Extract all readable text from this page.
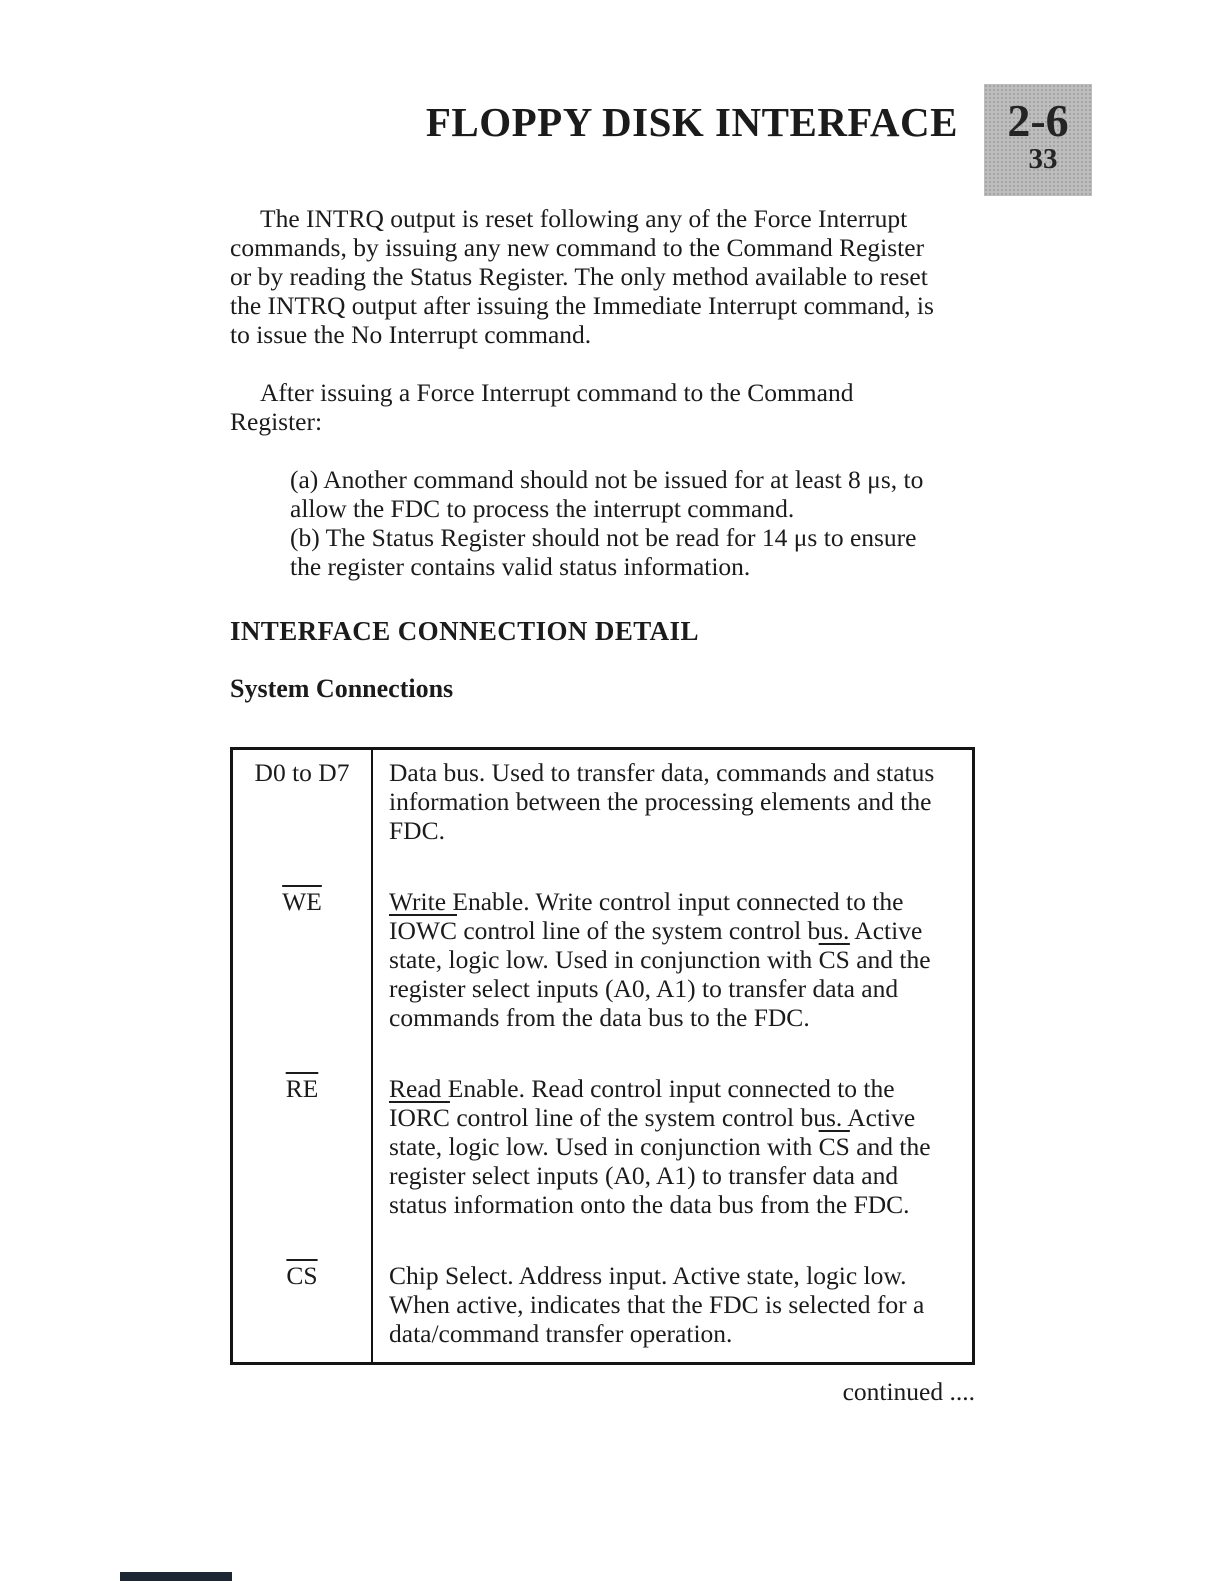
FLOPPY DISK INTERFACE	2-6
33

The INTRQ output is reset following any of the Force Interrupt commands, by issuing any new command to the Command Register or by reading the Status Register. The only method available to reset the INTRQ output after issuing the Immediate Interrupt command, is to issue the No Interrupt command.

After issuing a Force Interrupt command to the Command Register:

(a) Another command should not be issued for at least 8 μs, to allow the FDC to process the interrupt command.

(b) The Status Register should not be read for 14 μs to ensure the register contains valid status information.

INTERFACE CONNECTION DETAIL
System Connections
D0 to D7	Data bus. Used to transfer data, commands and status information between the processing elements and the FDC.
$\overline{WE}$	Write Enable. Write control input connected to the IOWC control line of the system control bus. Active state, logic low. Used in conjunction with $\overline{CS}$ and the register select inputs (A0, A1) to transfer data and commands from the data bus to the FDC.
$\overline{RE}$	Read Enable. Read control input connected to the IORC control line of the system control bus. Active state, logic low. Used in conjunction with $\overline{CS}$ and the register select inputs (A0, A1) to transfer data and status information onto the data bus from the FDC.
$\overline{CS}$	Chip Select. Address input. Active state, logic low. When active, indicates that the FDC is selected for a data/command transfer operation.
continued ....
